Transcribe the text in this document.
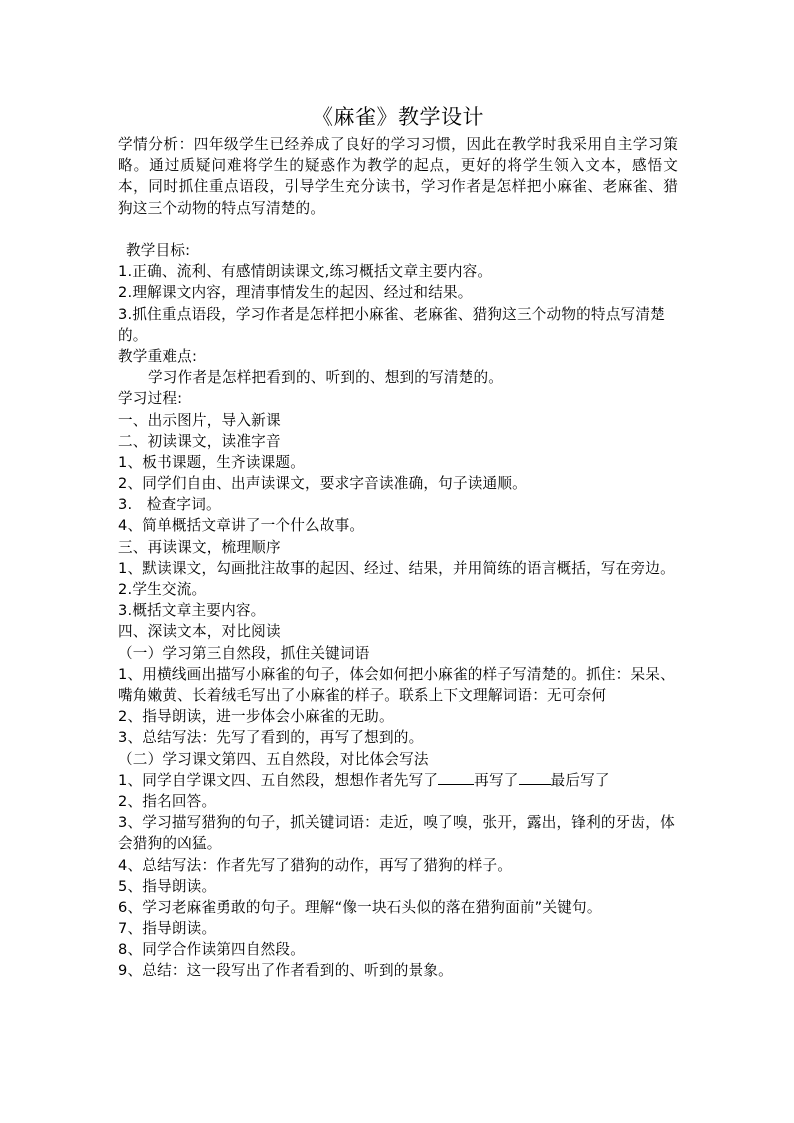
《麻雀》教学设计

学情分析：四年级学生已经养成了良好的学习习惯，因此在教学时我采用自主学习策略。通过质疑问难将学生的疑惑作为教学的起点，更好的将学生领入文本，感悟文本，同时抓住重点语段，引导学生充分读书，学习作者是怎样把小麻雀、老麻雀、猎狗这三个动物的特点写清楚的。

教学目标:
1.正确、流利、有感情朗读课文,练习概括文章主要内容。
2.理解课文内容，理清事情发生的起因、经过和结果。
3.抓住重点语段，学习作者是怎样把小麻雀、老麻雀、猎狗这三个动物的特点写清楚的。
教学重难点:
学习作者是怎样把看到的、听到的、想到的写清楚的。
学习过程:
一、出示图片，导入新课
二、初读课文，读准字音
1、板书课题，生齐读课题。
2、同学们自由、出声读课文，要求字音读准确，句子读通顺。
3.   检查字词。
4、简单概括文章讲了一个什么故事。
三、再读课文，梳理顺序
1、默读课文，勾画批注故事的起因、经过、结果，并用简练的语言概括，写在旁边。
2.学生交流。
3.概括文章主要内容。
四、深读文本，对比阅读
（一）学习第三自然段，抓住关键词语
1、用横线画出描写小麻雀的句子，体会如何把小麻雀的样子写清楚的。抓住：呆呆、嘴角嫩黄、长着绒毛写出了小麻雀的样子。联系上下文理解词语：无可奈何
2、指导朗读，进一步体会小麻雀的无助。
3、总结写法：先写了看到的，再写了想到的。
（二）学习课文第四、五自然段，对比体会写法
1、同学自学课文四、五自然段，想想作者先写了 再写了 最后写了
2、指名回答。
3、学习描写猎狗的句子，抓关键词语：走近，嗅了嗅，张开，露出，锋利的牙齿，体会猎狗的凶猛。
4、总结写法：作者先写了猎狗的动作，再写了猎狗的样子。
5、指导朗读。
6、学习老麻雀勇敢的句子。理解“像一块石头似的落在猎狗面前”关键句。
7、指导朗读。
8、同学合作读第四自然段。
9、总结：这一段写出了作者看到的、听到的景象。
